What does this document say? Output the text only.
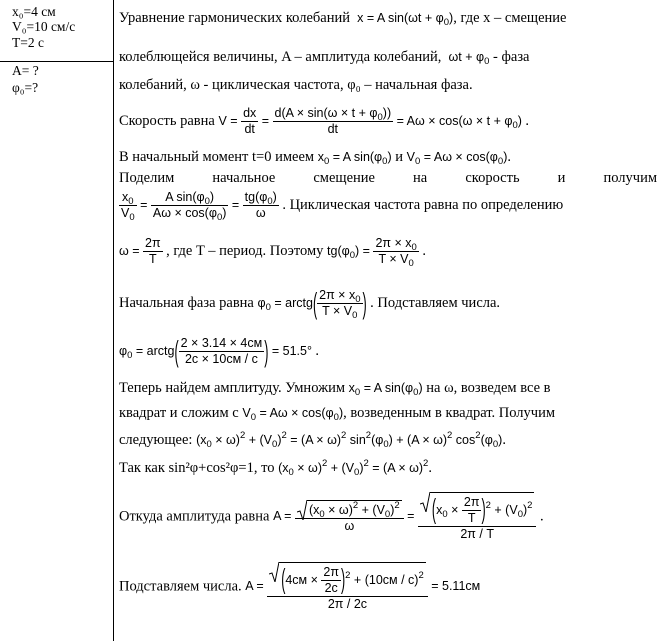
x₀=4 см
V₀=10 см/с
T=2 с
A= ?
φ₀=?
Уравнение гармонических колебаний  x = A $\sin(\omega t + \varphi_0)$, где x – смещение
колеблющейся величины, A – амплитуда колебаний,  $\omega t + \varphi_0$ - фаза
колебаний, ω - циклическая частота, φ₀ – начальная фаза.
Скорость равна $V = \frac{dx}{dt} = \frac{d(A \times \sin(\omega \times t + \varphi_0))}{dt} = A\omega \times \cos(\omega \times t + \varphi_0)$ .
В начальный момент t=0 имеем $x_0 = A$ $\sin(\varphi_0)$ и $V_0 = A\omega \times \cos(\varphi_0)$.
Поделим начальное смещение на скорость и получим
$\frac{x_0}{V_0} = \frac{A \sin(\varphi_0)}{A\omega \times \cos(\varphi_0)} = \frac{tg(\varphi_0)}{\omega}$ . Циклическая частота равна по определению
$\omega = \frac{2\pi}{T}$ , где T – период. Поэтому $tg(\varphi_0) = \frac{2\pi \times x_0}{T \times V_0}$ .
Начальная фаза равна $\varphi_0$ = arctg( $\frac{2\pi \times x_0}{T \times V_0}$ ) . Подставляем числа.
$\varphi_0$ = arctg( $\frac{2 \times 3.14 \times 4см}{2с \times 10см / с}$ ) = 51.5° .
Теперь найдем амплитуду. Умножим $x_0 = A$ $\sin(\varphi_0)$ на ω, возведем все в
квадрат и сложим с $V_0 = A\omega \times \cos(\varphi_0)$, возведенным в квадрат. Получим
следующее: $(x_0 \times \omega)^2 + (V_0)^2 = (A \times \omega)^2$ $\sin^2(\varphi_0) + (A \times \omega)^2$ $\cos^2(\varphi_0)$.
Так как sin²φ+cos²φ=1, то $(x_0 \times \omega)^2 + (V_0)^2 = (A \times \omega)^2$.
Откуда амплитуда равна $A = \frac{(x_0 \times \omega)^2 + (V_0)^2}{\omega} = \frac{(x_0 \times \frac{2\pi}{T} )^2 + (V_0)^2}{2\pi / T}$ .
Подставляем числа. $A = \frac{(4см \times \frac{2\pi}{2с} )^2 + (10см / с)^2}{2\pi / 2с} = 5.11см$
